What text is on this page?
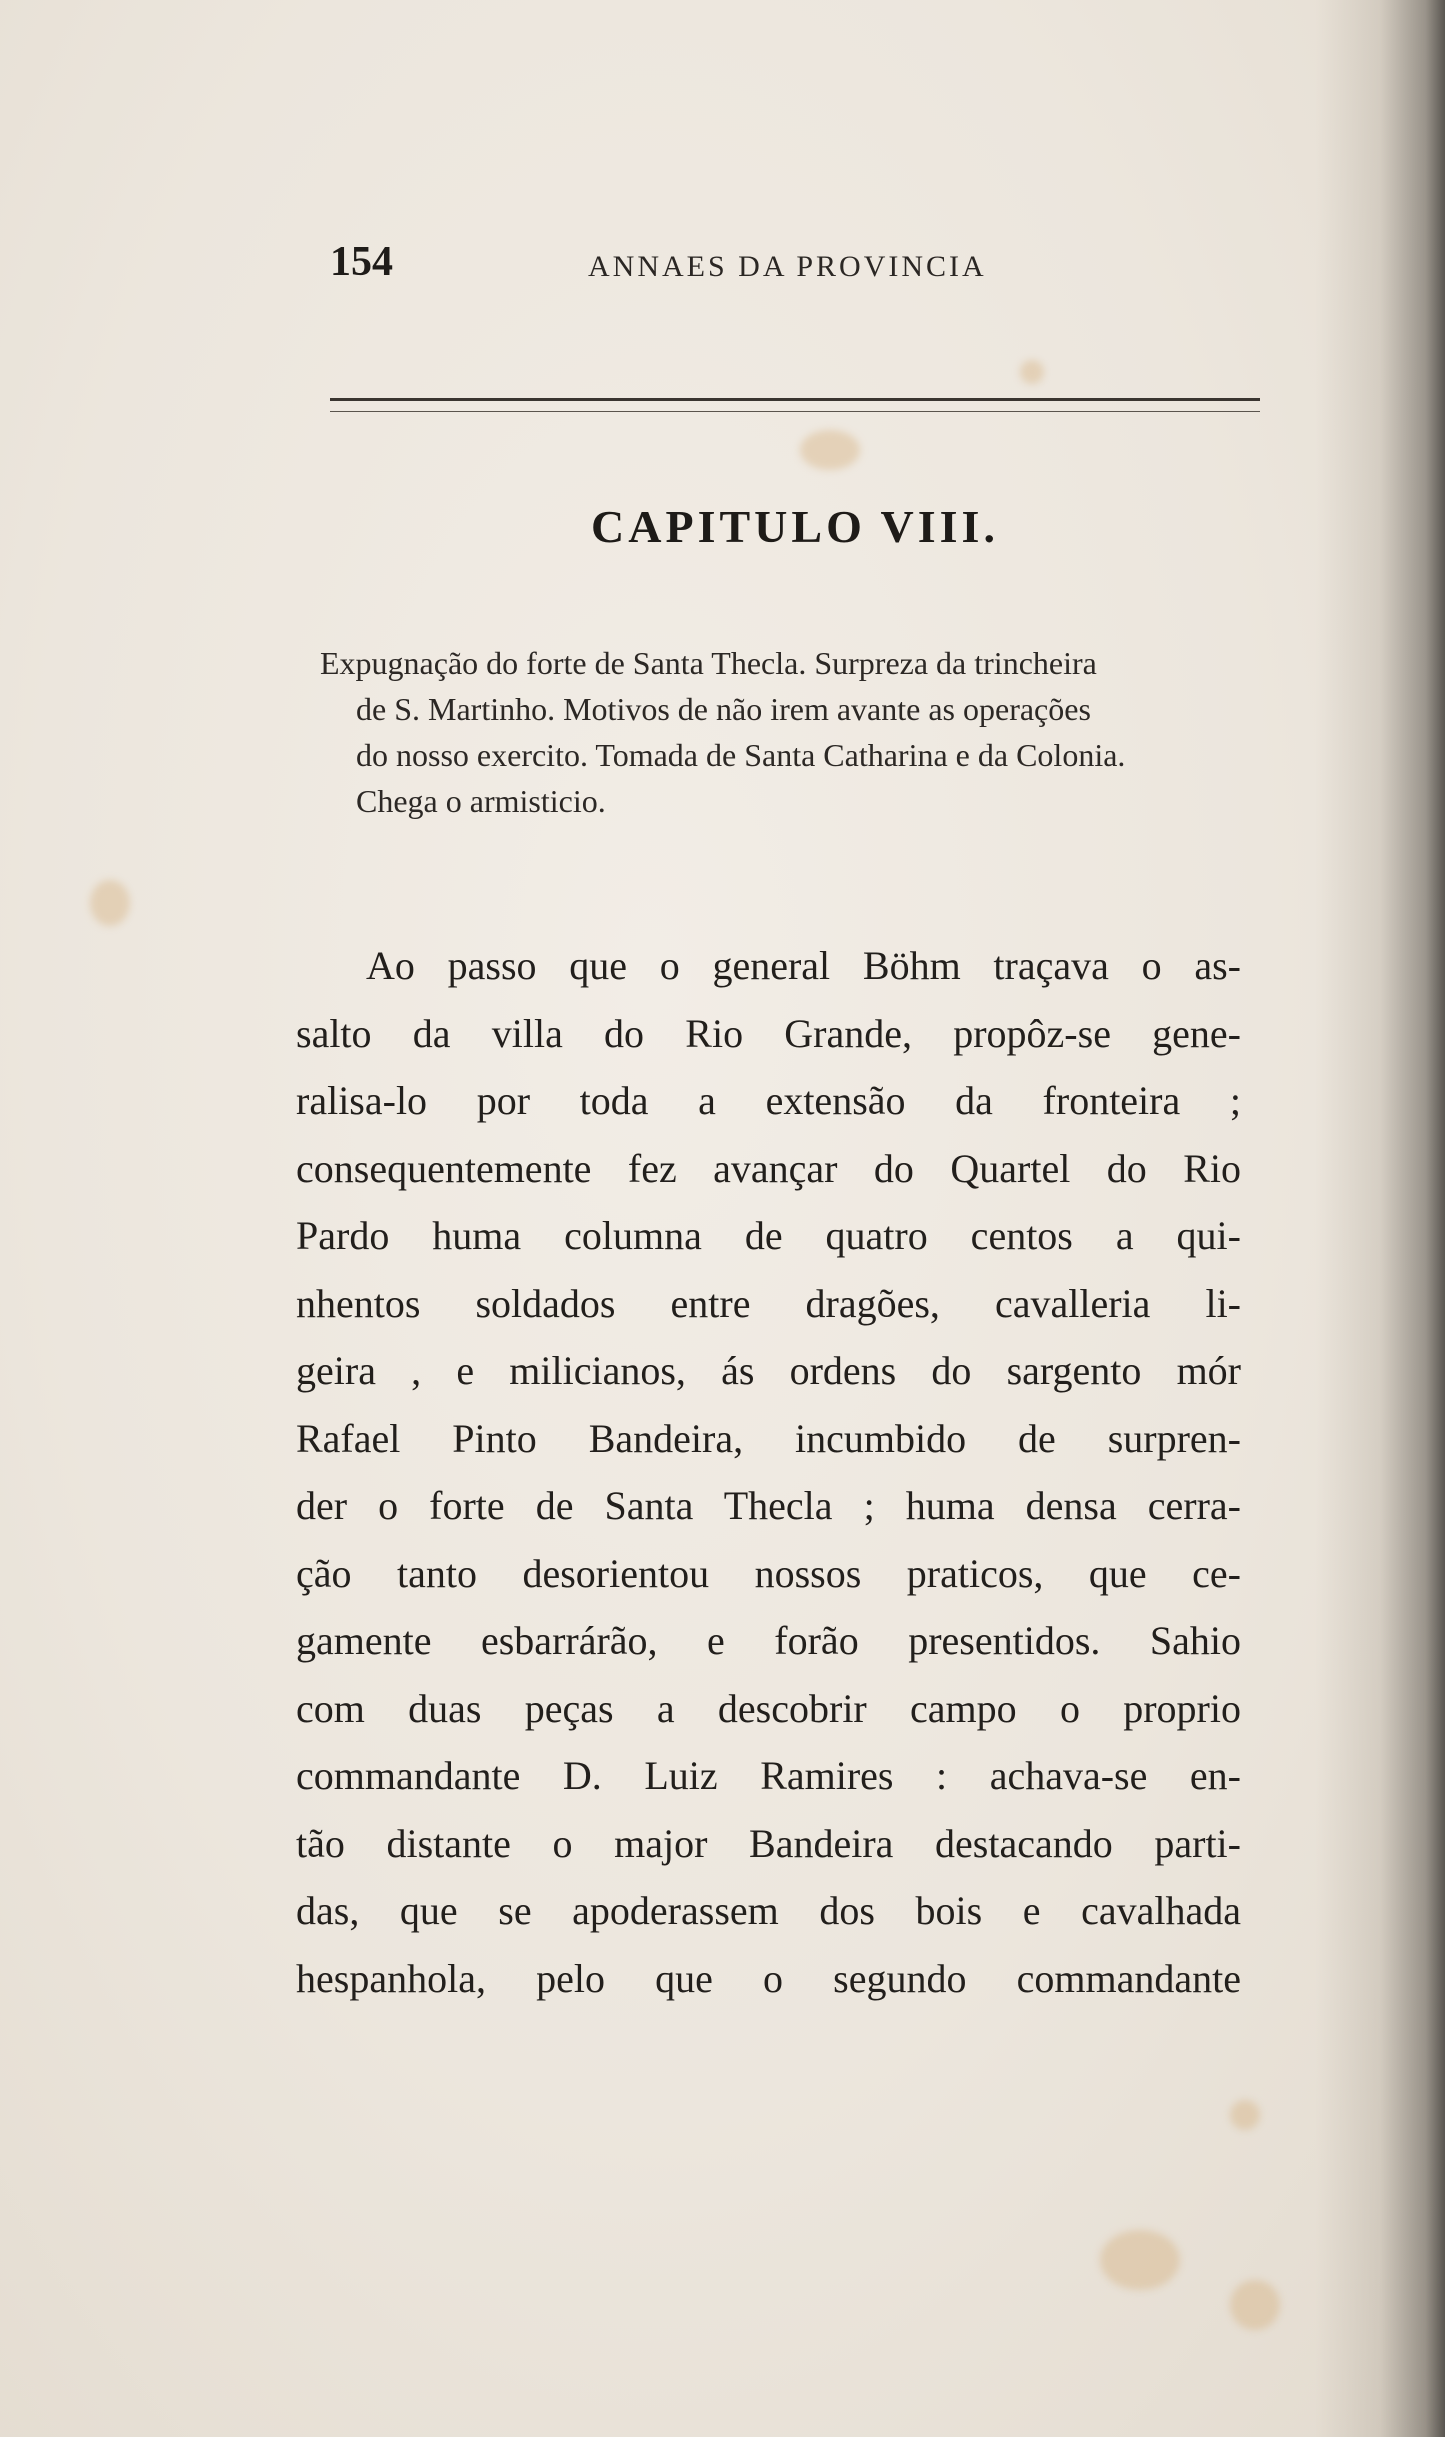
154	ANNAES DA PROVINCIA
CAPITULO VIII.
Expugnação do forte de Santa Thecla. Surpreza da trincheira
de S. Martinho. Motivos de não irem avante as operações
do nosso exercito. Tomada de Santa Catharina e da Colonia.
Chega o armisticio.
Ao passo que o general Böhm traçava o as-
salto da villa do Rio Grande, propôz-se gene-
ralisa-lo por toda a extensão da fronteira ;
consequentemente fez avançar do Quartel do Rio
Pardo huma columna de quatro centos a qui-
nhentos soldados entre dragões, cavalleria li-
geira , e milicianos, ás ordens do sargento mór
Rafael Pinto Bandeira, incumbido de surpren-
der o forte de Santa Thecla ; huma densa cerra-
ção tanto desorientou nossos praticos, que ce-
gamente esbarrárão, e forão presentidos. Sahio
com duas peças a descobrir campo o proprio
commandante D. Luiz Ramires : achava-se en-
tão distante o major Bandeira destacando parti-
das, que se apoderassem dos bois e cavalhada
hespanhola, pelo que o segundo commandante
